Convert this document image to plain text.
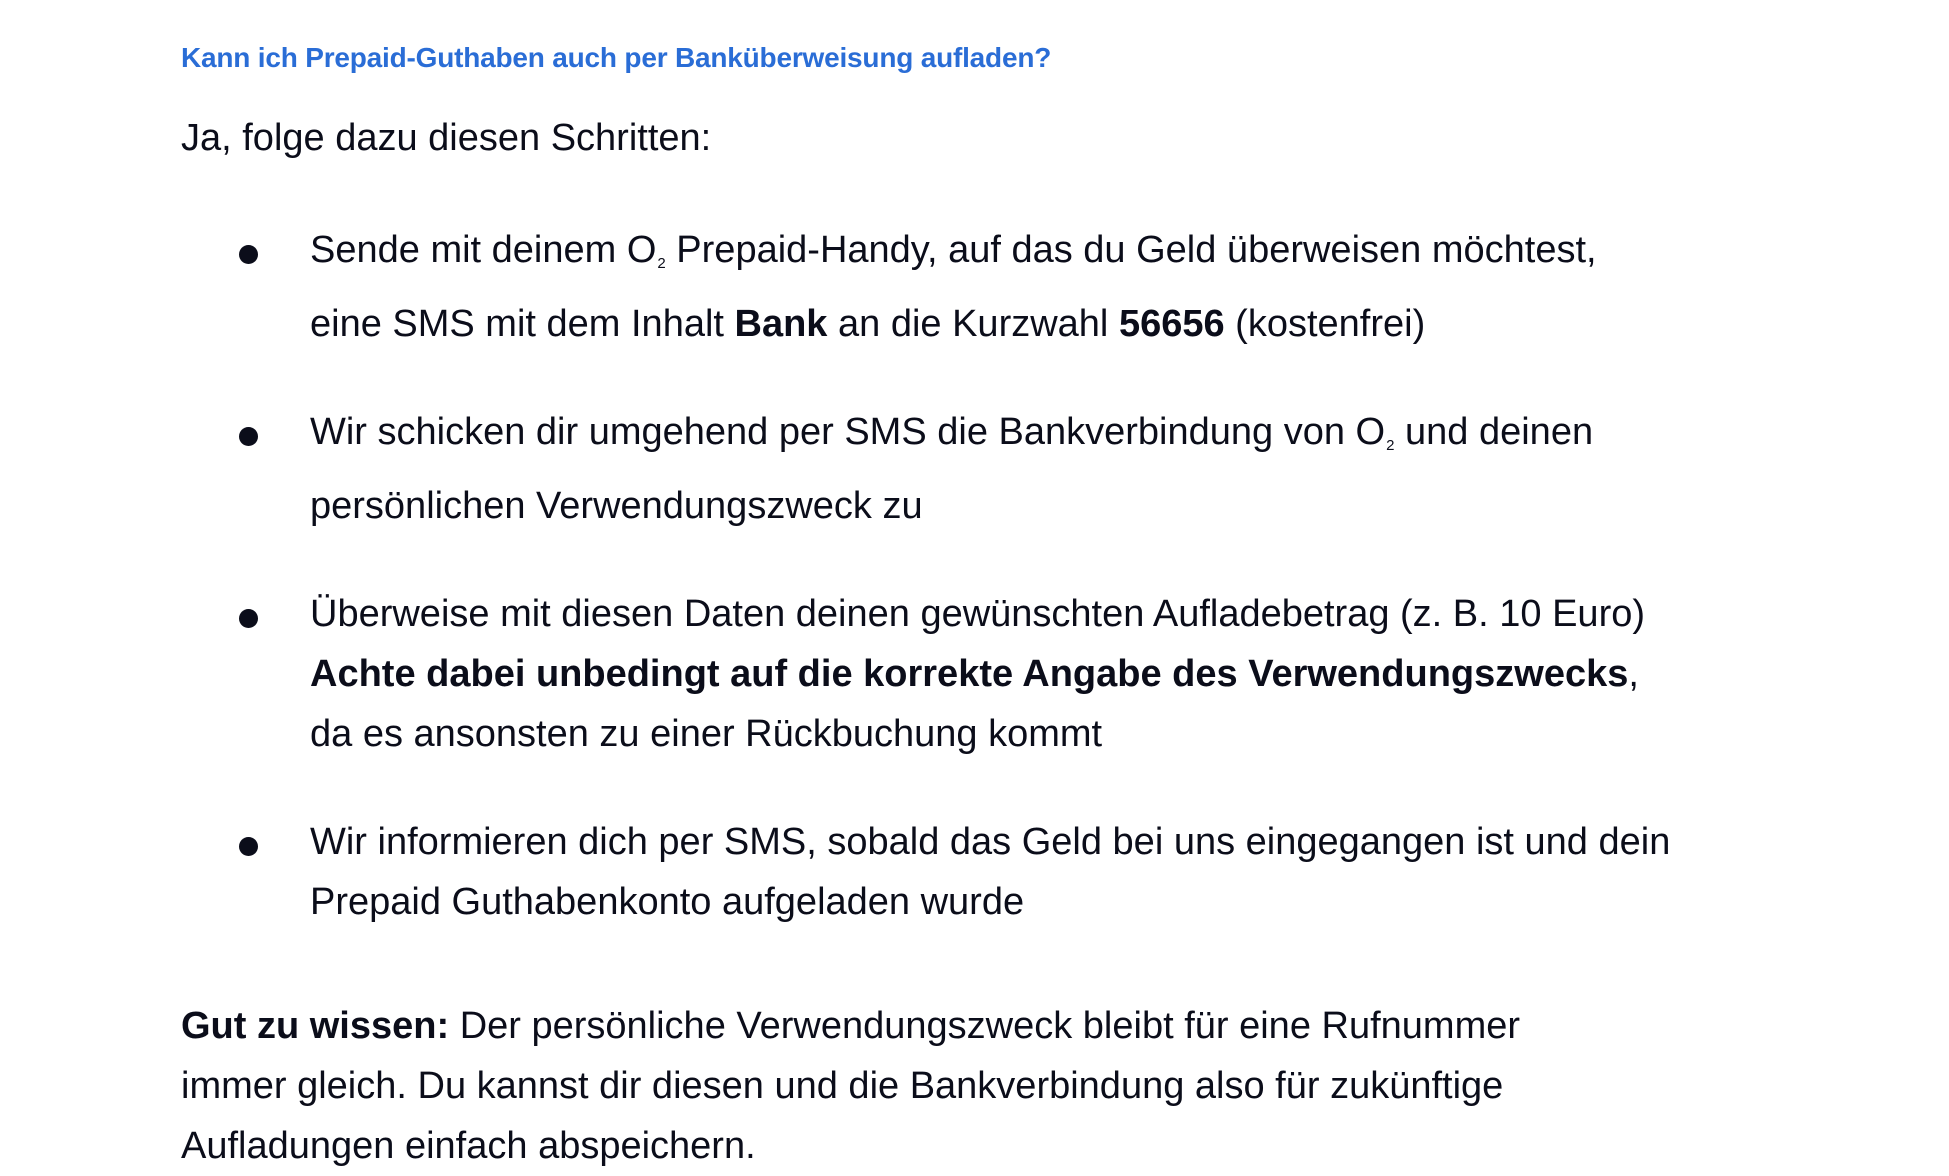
Kann ich Prepaid-Guthaben auch per Banküberweisung aufladen?

Ja, folge dazu diesen Schritten:

Sende mit deinem $O_2$ Prepaid-Handy, auf das du Geld überweisen möchtest, eine SMS mit dem Inhalt Bank an die Kurzwahl 56656 (kostenfrei)
Wir schicken dir umgehend per SMS die Bankverbindung von $O_2$ und deinen persönlichen Verwendungszweck zu
Überweise mit diesen Daten deinen gewünschten Aufladebetrag (z. B. 10 Euro)
Achte dabei unbedingt auf die korrekte Angabe des Verwendungszwecks,
da es ansonsten zu einer Rückbuchung kommt
Wir informieren dich per SMS, sobald das Geld bei uns eingegangen ist und dein Prepaid Guthabenkonto aufgeladen wurde

Gut zu wissen: Der persönliche Verwendungszweck bleibt für eine Rufnummer immer gleich. Du kannst dir diesen und die Bankverbindung also für zukünftige Aufladungen einfach abspeichern.
